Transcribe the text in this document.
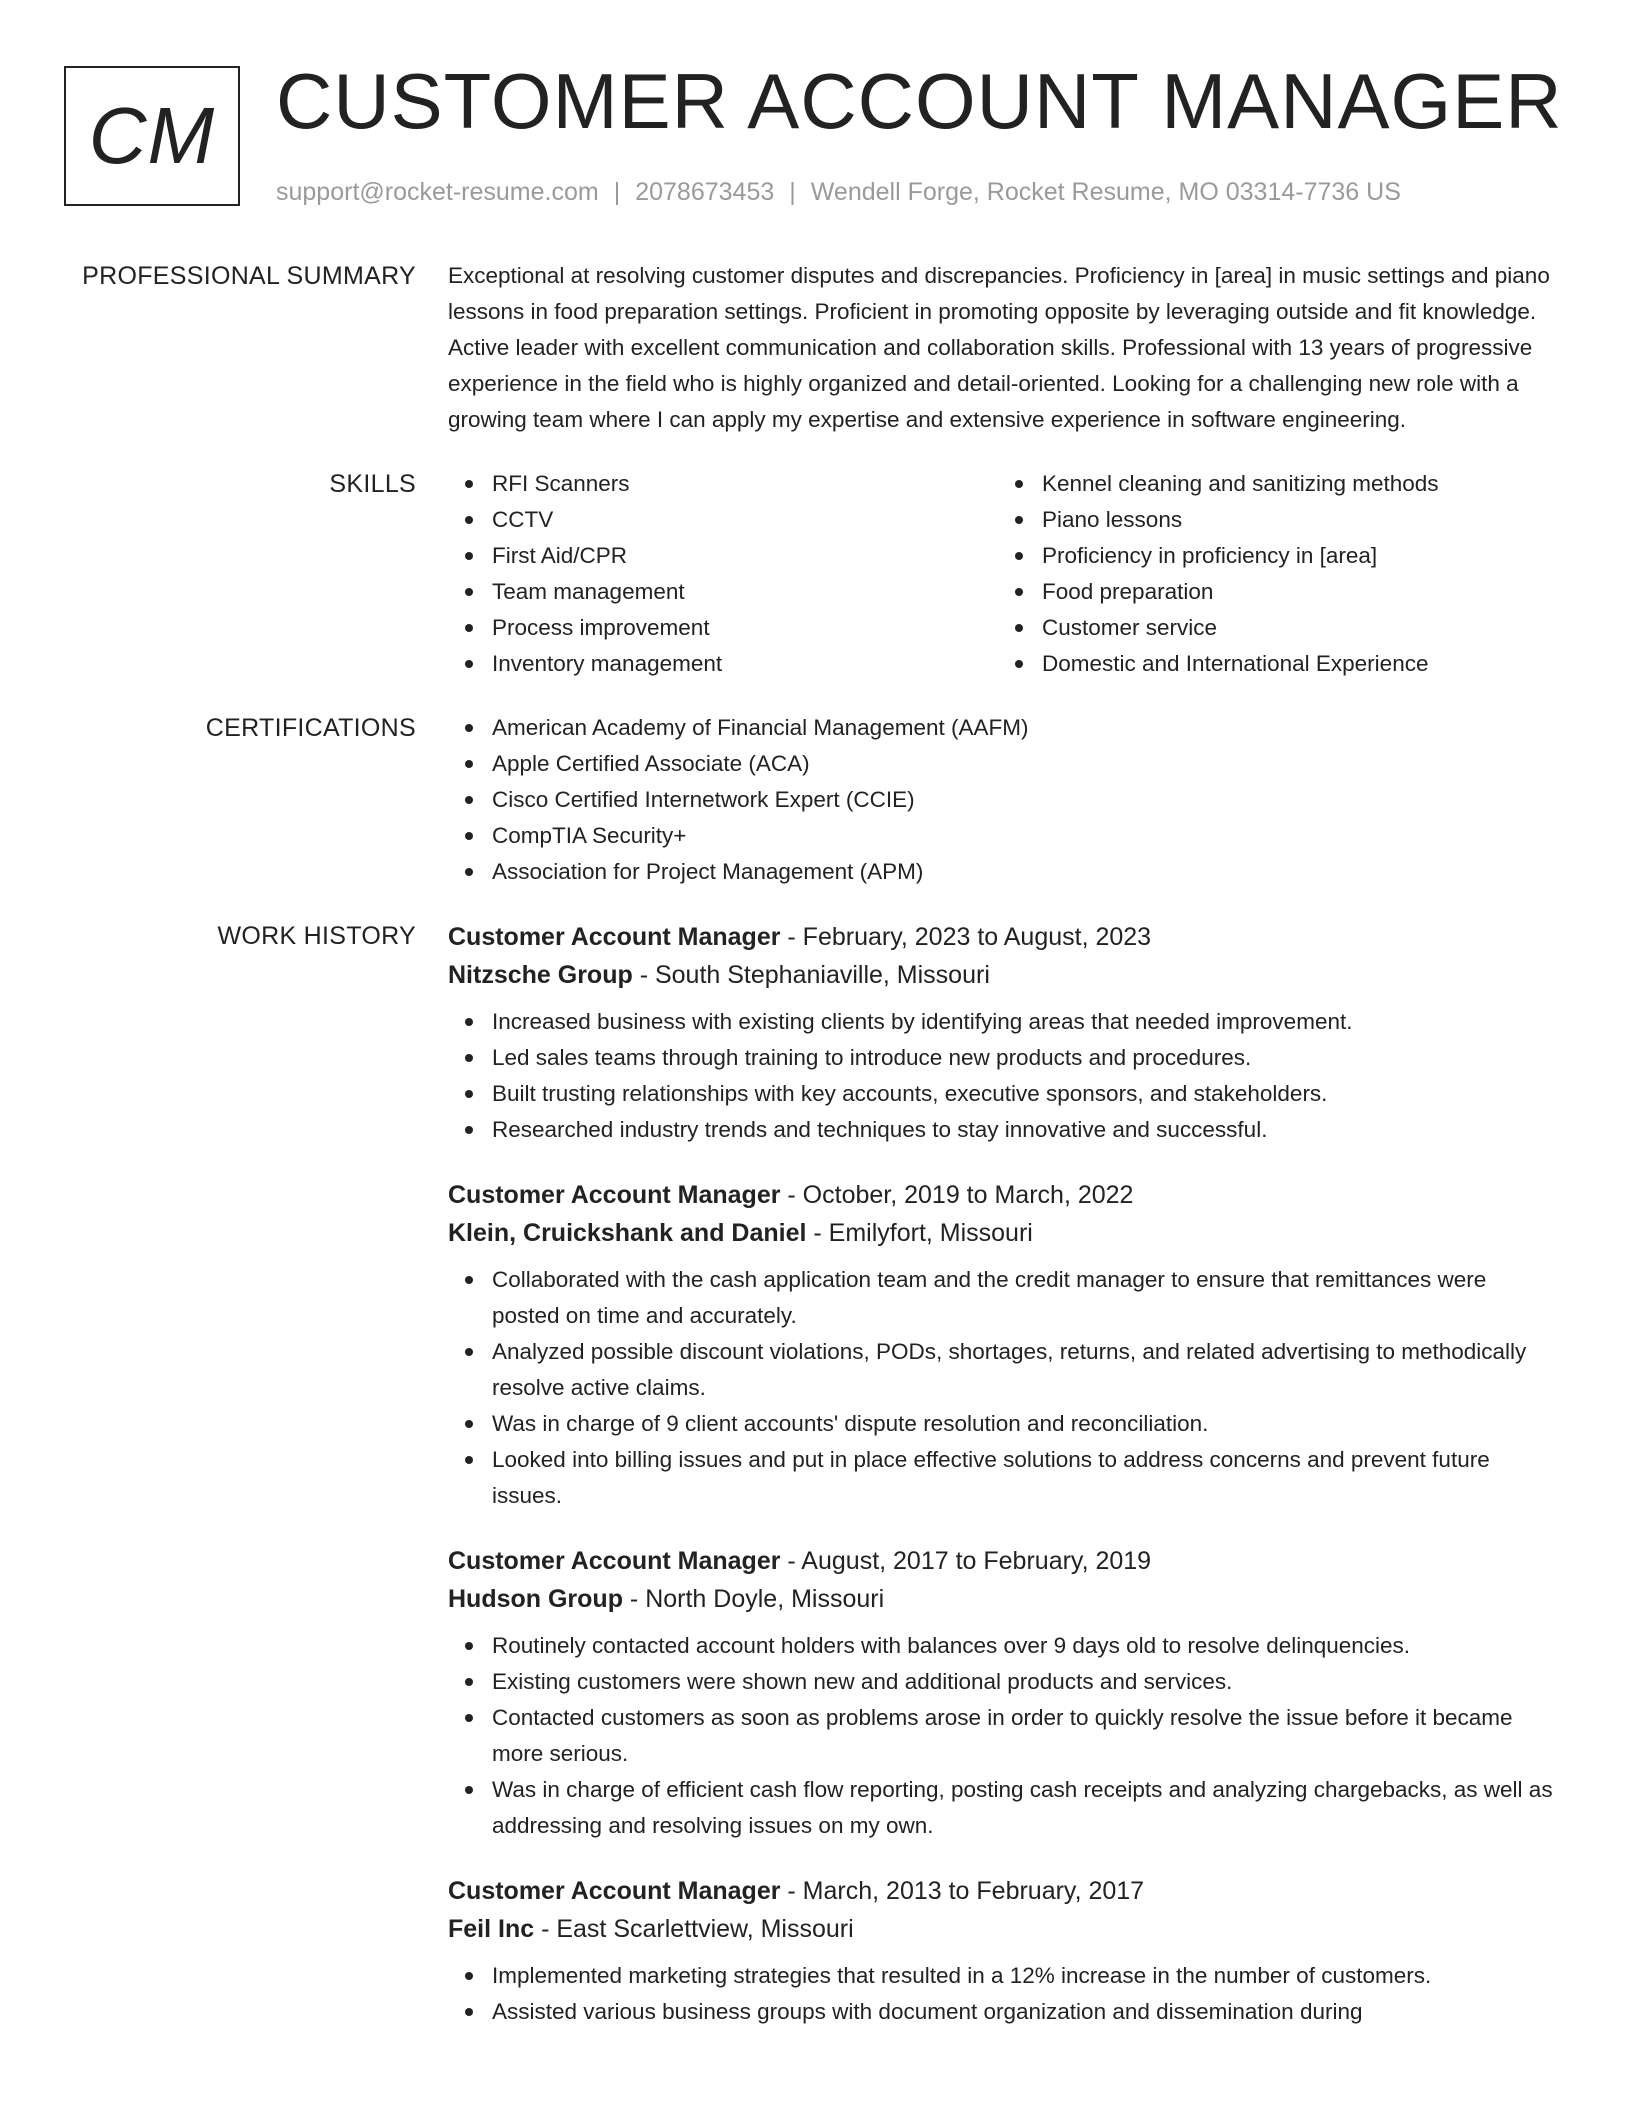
CM CUSTOMER ACCOUNT MANAGER
support@rocket-resume.com | 2078673453 | Wendell Forge, Rocket Resume, MO 03314-7736 US
PROFESSIONAL SUMMARY Exceptional at resolving customer disputes and discrepancies. Proficiency in [area] in music settings and piano lessons in food preparation settings. Proficient in promoting opposite by leveraging outside and fit knowledge. Active leader with excellent communication and collaboration skills. Professional with 13 years of progressive experience in the field who is highly organized and detail-oriented. Looking for a challenging new role with a growing team where I can apply my expertise and extensive experience in software engineering.

SKILLS	RFI Scanners
CCTV
First Aid/CPR
Team management
Process improvement
Inventory management
Kennel cleaning and sanitizing methods
Piano lessons
Proficiency in proficiency in [area]
Food preparation
Customer service
Domestic and International Experience
CERTIFICATIONS	American Academy of Financial Management (AAFM)
Apple Certified Associate (ACA)
Cisco Certified Internetwork Expert (CCIE)
CompTIA Security+
Association for Project Management (APM)
WORK HISTORY Customer Account Manager - February, 2023 to August, 2023
Nitzsche Group - South Stephaniaville, Missouri
Increased business with existing clients by identifying areas that needed improvement.
Led sales teams through training to introduce new products and procedures.
Built trusting relationships with key accounts, executive sponsors, and stakeholders.
Researched industry trends and techniques to stay innovative and successful.
Customer Account Manager - October, 2019 to March, 2022
Klein, Cruickshank and Daniel - Emilyfort, Missouri
Collaborated with the cash application team and the credit manager to ensure that remittances were posted on time and accurately.
Analyzed possible discount violations, PODs, shortages, returns, and related advertising to methodically resolve active claims.
Was in charge of 9 client accounts' dispute resolution and reconciliation.
Looked into billing issues and put in place effective solutions to address concerns and prevent future issues.
Customer Account Manager - August, 2017 to February, 2019
Hudson Group - North Doyle, Missouri
Routinely contacted account holders with balances over 9 days old to resolve delinquencies.
Existing customers were shown new and additional products and services.
Contacted customers as soon as problems arose in order to quickly resolve the issue before it became more serious.
Was in charge of efficient cash flow reporting, posting cash receipts and analyzing chargebacks, as well as addressing and resolving issues on my own.
Customer Account Manager - March, 2013 to February, 2017
Feil Inc - East Scarlettview, Missouri
Implemented marketing strategies that resulted in a 12% increase in the number of customers.
Assisted various business groups with document organization and dissemination during
